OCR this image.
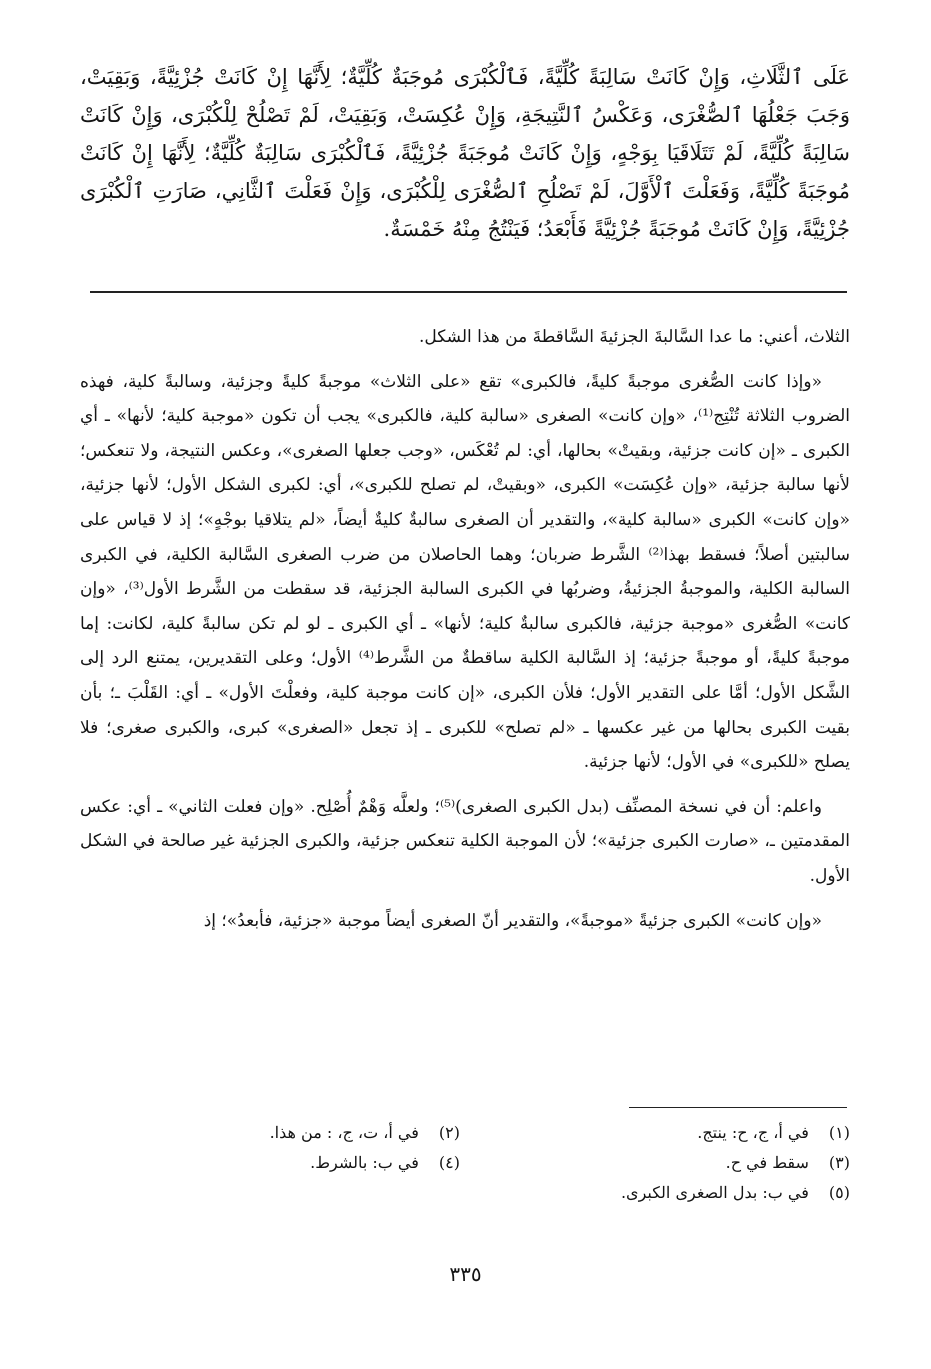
عَلَى ٱلثَّلَاثِ، وَإِنْ كَانَتْ سَالِبَةً كُلِّيَّةً، فَٱلْكُبْرَى مُوجَبَةٌ كُلِّيَّةٌ؛ لِأَنَّهَا إِنْ كَانَتْ جُزْئِيَّةً، وَبَقِيَتْ، وَجَبَ جَعْلُهَا ٱلصُّغْرَى، وَعَكْسُ ٱلنَّتِيجَةِ، وَإِنْ عُكِسَتْ، وَبَقِيَتْ، لَمْ تَصْلُحْ لِلْكُبْرَى، وَإِنْ كَانَتْ سَالِبَةً كُلِّيَّةً، لَمْ تَتَلَاقَيَا بِوَجْهٍ، وَإِنْ كَانَتْ مُوجَبَةً جُزْئِيَّةً، فَٱلْكُبْرَى سَالِبَةٌ كُلِّيَّةٌ؛ لِأَنَّهَا إِنْ كَانَتْ مُوجَبَةً كُلِّيَّةً، وَفَعَلْتَ ٱلْأَوَّلَ، لَمْ تَصْلُحِ ٱلصُّغْرَى لِلْكُبْرَى، وَإِنْ فَعَلْتَ ٱلثَّانِي، صَارَتِ ٱلْكُبْرَى جُزْئِيَّةً، وَإِنْ كَانَتْ مُوجَبَةً جُزْئِيَّةً فَأَبْعَدُ؛ فَيَنْتُجُ مِنْهُ خَمْسَةٌ.

الثلاث، أعني: ما عدا السَّالبةَ الجزئيةَ السَّاقطةَ من هذا الشكل.

«وإذا كانت الصُّغرى موجبةً كليةً، فالكبرى» تقع «على الثلاث» موجبةً كليةً وجزئية، وسالبةً كلية، فهذه الضروب الثلاثة تُنْتِج⁽¹⁾، «وإن كانت» الصغرى «سالبة كلية، فالكبرى» يجب أن تكون «موجبة كلية؛ لأنها» ـ أي الكبرى ـ «إن كانت جزئية، وبقيتْ» بحالها، أي: لم تُعْكَس، «وجب جعلها الصغرى»، وعكس النتيجة، ولا تنعكس؛ لأنها سالبة جزئية، «وإن عُكِسَت» الكبرى، «وبقيتْ، لم تصلح للكبرى»، أي: لكبرى الشكل الأول؛ لأنها جزئية، «وإن كانت» الكبرى «سالبة كلية»، والتقدير أن الصغرى سالبةٌ كليةٌ أيضاً، «لم يتلاقيا بوجْهٍ»؛ إذ لا قياس على سالبتين أصلاً؛ فسقط بهذا⁽²⁾ الشَّرط ضربان؛ وهما الحاصلان من ضرب الصغرى السَّالبة الكلية، في الكبرى السالبة الكلية، والموجبةُ الجزئيةُ، وضربُها في الكبرى السالبة الجزئية، قد سقطت من الشَّرط الأول⁽³⁾، «وإن كانت» الصُّغرى «موجبة جزئية، فالكبرى سالبةٌ كلية؛ لأنها» ـ أي الكبرى ـ لو لم تكن سالبةً كلية، لكانت: إما موجبةً كليةً، أو موجبةً جزئية؛ إذ السَّالبة الكلية ساقطةٌ من الشَّرط⁽⁴⁾ الأول؛ وعلى التقديرين، يمتنع الرد إلى الشَّكل الأول؛ أمَّا على التقدير الأول؛ فلأن الكبرى، «إن كانت موجبة كلية، وفعلْتَ الأول» ـ أي: القَلْبَ ـ؛ بأن بقيت الكبرى بحالها من غير عكسها ـ «لم تصلح» للكبرى ـ إذ تجعل «الصغرى» كبرى، والكبرى صغرى؛ فلا يصلح «للكبرى» في الأول؛ لأنها جزئية.

واعلم: أن في نسخة المصنِّف (بدل الكبرى الصغرى)⁽⁵⁾؛ ولعلَّه وَهْمٌ أُصْلِح. «وإن فعلت الثاني» ـ أي: عكس المقدمتين ـ، «صارت الكبرى جزئية»؛ لأن الموجبة الكلية تنعكس جزئية، والكبرى الجزئية غير صالحة في الشكل الأول.

«وإن كانت» الكبرى جزئيةً «موجبةً»، والتقدير أنّ الصغرى أيضاً موجبة «جزئية، فأبعدُ»؛ إذ

(١) في أ، ج، ح: ينتج.
(٢) في أ، ت، ج، : من هذا.
(٣) سقط في ح.
(٤) في ب: بالشرط.
(٥) في ب: بدل الصغرى الكبرى.
٣٣٥
